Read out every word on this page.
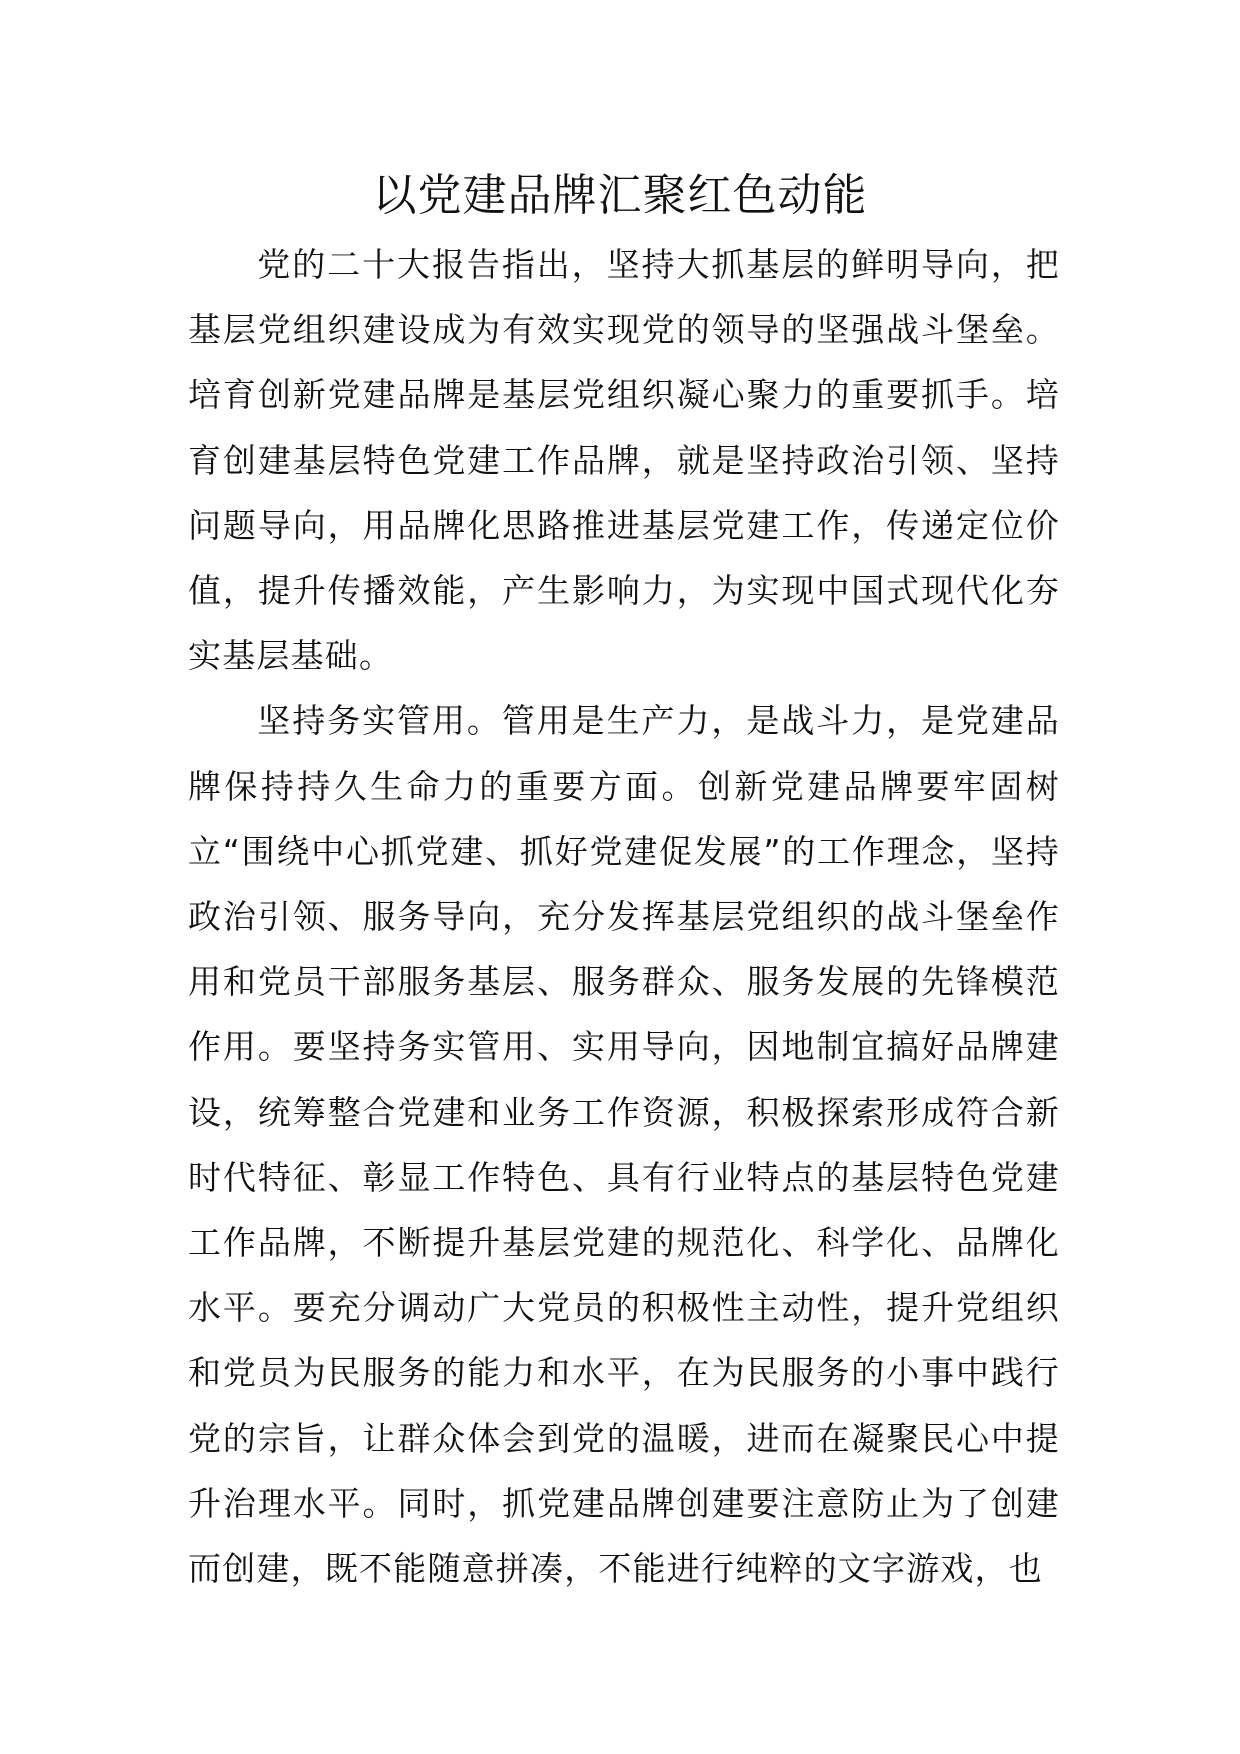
以党建品牌汇聚红色动能

党的二十大报告指出，坚持大抓基层的鲜明导向，把基层党组织建设成为有效实现党的领导的坚强战斗堡垒。培育创新党建品牌是基层党组织凝心聚力的重要抓手。培育创建基层特色党建工作品牌，就是坚持政治引领、坚持问题导向，用品牌化思路推进基层党建工作，传递定位价值，提升传播效能，产生影响力，为实现中国式现代化夯实基层基础。

坚持务实管用。管用是生产力，是战斗力，是党建品牌保持持久生命力的重要方面。创新党建品牌要牢固树立“围绕中心抓党建、抓好党建促发展”的工作理念，坚持政治引领、服务导向，充分发挥基层党组织的战斗堡垒作用和党员干部服务基层、服务群众、服务发展的先锋模范作用。要坚持务实管用、实用导向，因地制宜搞好品牌建设，统筹整合党建和业务工作资源，积极探索形成符合新时代特征、彰显工作特色、具有行业特点的基层特色党建工作品牌，不断提升基层党建的规范化、科学化、品牌化水平。要充分调动广大党员的积极性主动性，提升党组织和党员为民服务的能力和水平，在为民服务的小事中践行党的宗旨，让群众体会到党的温暖，进而在凝聚民心中提升治理水平。同时，抓党建品牌创建要注意防止为了创建而创建，既不能随意拼凑，不能进行纯粹的文字游戏，也
